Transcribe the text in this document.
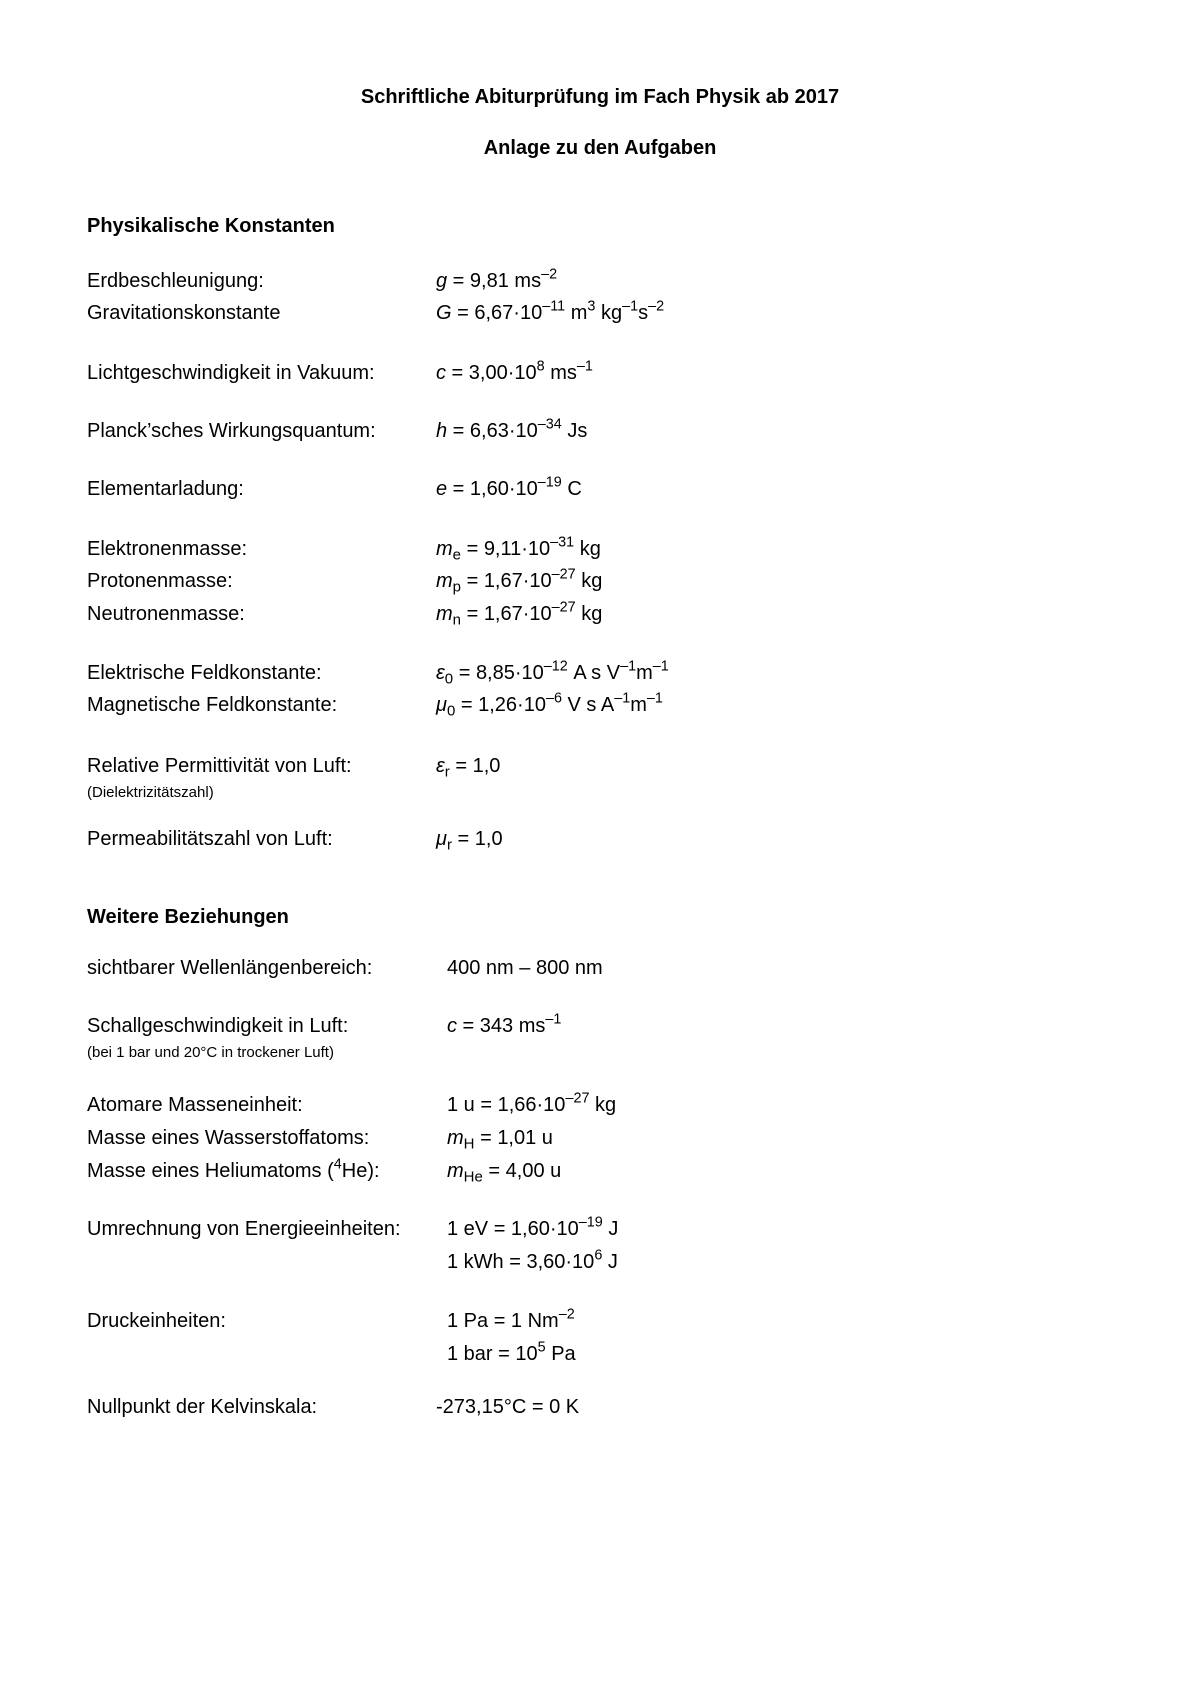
Schriftliche Abiturprüfung im Fach Physik ab 2017
Anlage zu den Aufgaben
Physikalische Konstanten
Erdbeschleunigung:	g = 9,81 $ms^{-2}$
Gravitationskonstante	$G = 6,67\cdot 10^{-11}$ $m^3$ $kg^{-1}s^{-2}$
Lichtgeschwindigkeit in Vakuum:	$c = 3,00\cdot 10^8$ $ms^{-1}$
Planck’sches Wirkungsquantum:	$h = 6,63\cdot 10^{-34}$ Js
Elementarladung:	$e = 1,60\cdot 10^{-19}$ C
Elektronenmasse:	$m_e = 9,11\cdot 10^{-31}$ kg
Protonenmasse:	$m_p = 1,67\cdot 10^{-27}$ kg
Neutronenmasse:	$m_n = 1,67\cdot 10^{-27}$ kg
Elektrische Feldkonstante:	$\varepsilon_0 = 8,85\cdot 10^{-12}$ A s $V^{-1}m^{-1}$
Magnetische Feldkonstante:	$\mu_0 = 1,26\cdot 10^{-6}$ V s $A^{-1}m^{-1}$
Relative Permittivität von Luft:
(Dielektrizitätszahl)
$\varepsilon_r = 1,0$
Permeabilitätszahl von Luft:	$\mu_r = 1,0$
Weitere Beziehungen
sichtbarer Wellenlängenbereich:	400 nm – 800 nm
Schallgeschwindigkeit in Luft:
(bei 1 bar und 20°C in trockener Luft)
c = 343 $ms^{-1}$
Atomare Masseneinheit:	1 $u = 1,66\cdot 10^{-27}$ kg
Masse eines Wasserstoffatoms:	$m_H = 1,01$ u
Masse eines Heliumatoms ($^4$He):	$m_{He} = 4,00$ u
Umrechnung von Energieeinheiten: 1 eV = $1,60\cdot 10^{-19}$ J
1 kWh = $3,60\cdot 10^6$ J
Druckeinheiten:	1 Pa = 1 $Nm^{-2}$
1 bar = $10^5$ Pa
Nullpunkt der Kelvinskala:	-273,15°C = 0 K
